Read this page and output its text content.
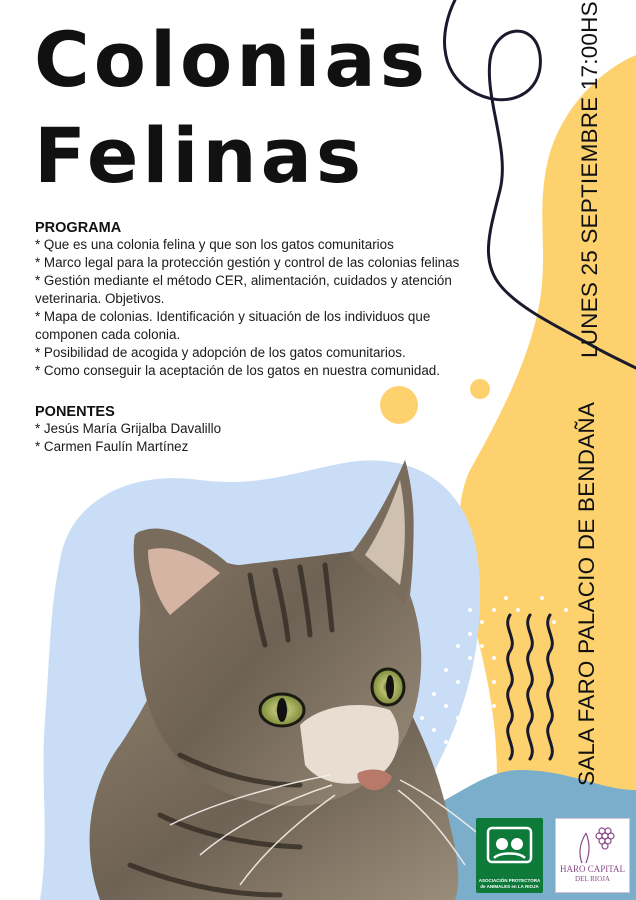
Colonias
Felinas
PROGRAMA
* Que es una colonia felina y que son los gatos comunitarios
* Marco legal para la protección gestión y control de las colonias felinas
* Gestión mediante el método CER, alimentación, cuidados y atención
veterinaria. Objetivos.
* Mapa de colonias. Identificación y situación de los individuos que
componen cada colonia.
* Posibilidad de acogida y adopción de los gatos comunitarios.
* Como conseguir la aceptación de los gatos en nuestra comunidad.
PONENTES
* Jesús María Grijalba Davalillo
* Carmen Faulín Martínez
LUNES 25 SEPTIEMBRE 17:00HS
SALA FARO PALACIO DE BENDAÑA
ASOCIACIÓN PROTECTORA de ANIMALES en LA RIOJA
HARO CAPITAL
DEL RIOJA
